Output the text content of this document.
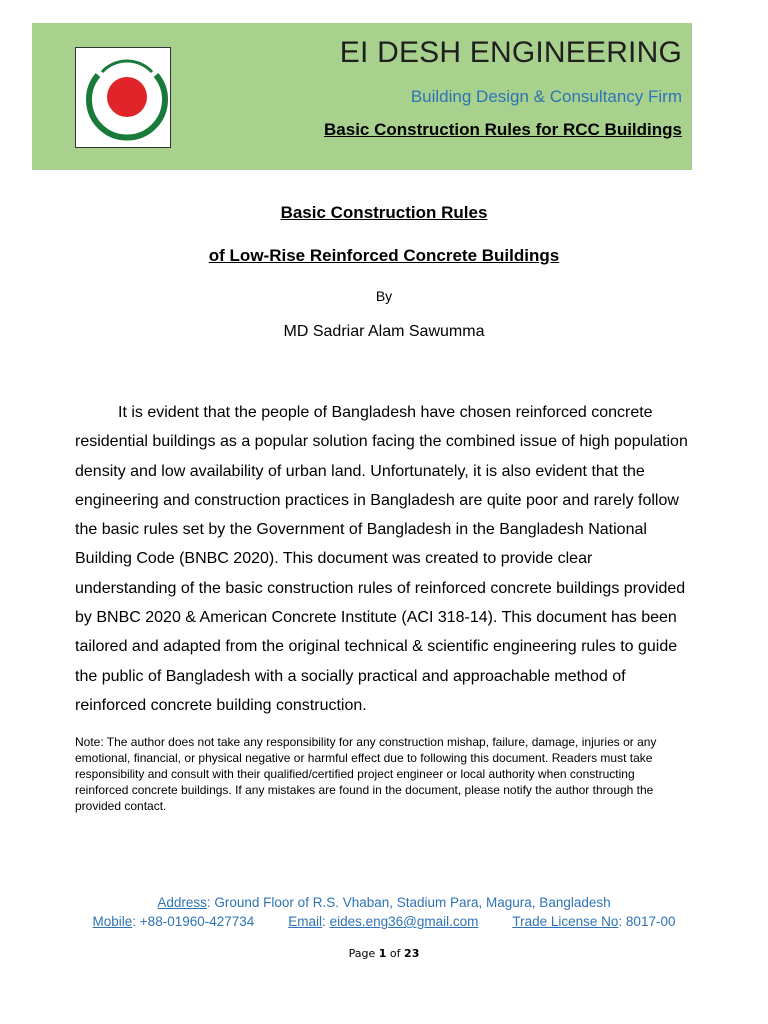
EI DESH ENGINEERING
Building Design & Consultancy Firm
Basic Construction Rules for RCC Buildings
Basic Construction Rules
of Low-Rise Reinforced Concrete Buildings
By
MD Sadriar Alam Sawumma

It is evident that the people of Bangladesh have chosen reinforced concrete residential buildings as a popular solution facing the combined issue of high population density and low availability of urban land. Unfortunately, it is also evident that the engineering and construction practices in Bangladesh are quite poor and rarely follow the basic rules set by the Government of Bangladesh in the Bangladesh National Building Code (BNBC 2020). This document was created to provide clear understanding of the basic construction rules of reinforced concrete buildings provided by BNBC 2020 & American Concrete Institute (ACI 318-14). This document has been tailored and adapted from the original technical & scientific engineering rules to guide the public of Bangladesh with a socially practical and approachable method of reinforced concrete building construction.

Note: The author does not take any responsibility for any construction mishap, failure, damage, injuries or any emotional, financial, or physical negative or harmful effect due to following this document. Readers must take responsibility and consult with their qualified/certified project engineer or local authority when constructing reinforced concrete buildings. If any mistakes are found in the document, please notify the author through the provided contact.

Address: Ground Floor of R.S. Vhaban, Stadium Para, Magura, Bangladesh
Mobile: +88-01960-427734	Email: eides.eng36@gmail.com	Trade License No: 8017-00
Page 1 of 23
